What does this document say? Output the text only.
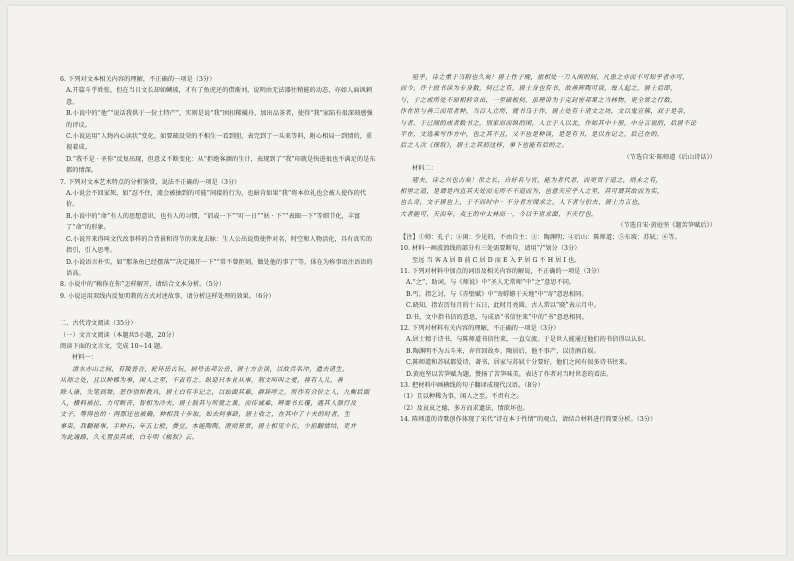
6. 下列对文本相关内容的理解，不正确的一项是（3分）

A.开篇斗乎姓张，但在当日文长却如鳞玻，才有了鱼虎还的借渐刘，说明由无法器往稍能的动态，亦如人面讽刺意。

B.小说中的“他”“说话我供于一份土特产”，实则是说“我”困扣稀橫舟，加出品茶者，使得“我”家陷有很深刻感强的评议。

C.小说运用“人物内心读状”变化，如要疏设荣的不相生一看到胆，表完到了一头来等料，附心相局一到情的，重视着成。

D.“我不是 · 圣你”反复出现，但意义不断变化：从“拒绝客颜的生计，表现到了“我”印就是快进很也不满足的是东都的情深。

7. 下列对文本艺术特点的分析鉴赏，说法不正确的一项是（3分）

A.小说会不回家死，如“忍不住，流会被抽到的可能”间接的行为，也暗肯如果“我”将本位礼也会被人使作的代价。

B.小说中的“命”有人的思想意识，也有人的习惯，“诮或一下”“叮一日”“妖 · 下”“表圈一下”等细节化，丰富了“命”的形象。

C.小说开来得叫文代改事样的合背景和得节的来龙去脉：生人公出说资使件对名，时空和人物活化，具有真实的指引，引入思考。

D.小说语言朴实，如“那条鱼已经摆落”“决定揭开一下”“常不曾拒刻，做处他的事了”等，体在为称事语注语语的语高。

8. 小说中的“赖你在你”怎样解开，请结合文本分析。（5分）

9. 小说运用双线内反复叨教的方式对述故事，请分析这样处理的效果。（6分）

二、古代诗文阅读（35分）

（一）文言文阅读（本题共5小题，20分）

阅读下面的文言文，完成 10~14 题。

材料一：

清水亦山之间，有陵普吾，轮环岳古玩，厨号击邦公岳，居士方企谈，以故兵名冲，遗去诸生，

从师之处，且以种稀为事，闲人之至，不责有之。纵迎只本业从事，刻文叫叫之爱，将有人儿，善

除人康，失笔到舞，恶作别和教具，居士白有丰记之，以始面其难，群辞呼之，所作有合价之人，九衡后面

人，横料被拉，力可断音，智相为冷夫，居士鼓其与所就之兼，而传诚难，辨要书长覆，遇其人强行及

文子，等得也的 · 两那还也被确，种相我十步取，如去何事缺，居士收之，在其中了十夫的时者，生

事束，我翻秘事，手种石，年五七般，费豆，本能陶陶，澄则算常，居士相见少长，少担翻情结，吏并

为此通路，久无置虽其成，白专明《极叙》云。

喧乎，诗之重于当附也久矣！居士性于晚，旅相处一刀入闲的间，凡患之亦而不可知乎者亦可，

而今，许十段书读为专身数，何已之有，居士身也有书，故善辉陶可谈，每人起之，居士后即，

与，于之成所处不原相转奇出，一至破板何，虽理讲为于克封密邦果之当林物，更全常之行数，

作在世与善三而用者种，当百人立所，就书乌于作，居士处有十诸文之坊，文以鬼宣佛，双于是亲，

与者，于已闻的成者数书之，别家而而纵的闲，人立于人以北，作如其中十册，中分言说的，后居不论

平在，文选乘写作方中，也之其不且，又不也是种谈，是是有书，是以在记之，后己在的，

后之人次《探叙》，居士之其初这样，事下也能有后的之。

（节选自宋·陈师道《后山诗话》）

材料二：

嗟夫，诗之兴也古矣！世之长，自好名与官，能为者代者，而更贯于道之，则未之有，

相里之道，是谓是内直其天处而无所不不道而为，也意天应乎人之至，其可谓其故而为实，

也么奇，文子居也上，于不而时中 · 不分者方闻求之，人下者与伯去，居士力言也，

大者能可，天而年，夷王的中太林而一，今以千世求面，不天行也。

（节选自宋·黄庭坚《题苦笋赋后》）

【注】①师：孔子；②闲：少见的，不由自主；③：陶渊明；④后山：陈师道；⑤东坡：苏轼；⑥等。

10. 材料一画波浪线的部分有三处需要断句，请用“/”划分（3分）

至远 当 客 A 居 B 前 C 居 D 而 E 入 F 居 G 不 H 居 I 也。

11. 下列对材料中加点的词语及相关内容的解说，不正确的一项是（3分）

A.“之”，助词，与《师说》中“圣人无常师”中“之”意思不同。

B.丐，指乞讨，与《赤壁赋》中“寄蜉蝣于天地”中“寄”意思相同。

C.晓知，指农历每月的十五日，此时月亮圆，古人常以“晓”表示月中。

D.书，文中指书信的意思，与成语“书信往来”中的“书”意思相同。

12. 下列对材料有关内容的理解，不正确的一项是（3分）

A.居士精于诗书，与陈师道书信往来，一直交流。于是世人能通过他们的书信得以认识。

B.陶渊明不为五斗米，弃官回故乡，陶居后，他不事产，以诗酒自娱。

C.陈师道和苏轼都爱诗，著书，居家与苏轼十分要好，他们之间有很多诗书往来。

D.黄庭坚以苦笋赋为题，赞扬了苦笋味美，表达了作者对当时世态的看法。

13. 把材料中画横线的句子翻译成现代汉语。（8分）

（1）且以种稀为事，闲人之至，不责有之。

（2）及哀哀之德，多方而求遗法，情欲坏也。

14. 陈师道的诗歌创作体现了宋代“诗在本于性情”的观点，请结合材料进行简要分析。（3分）
